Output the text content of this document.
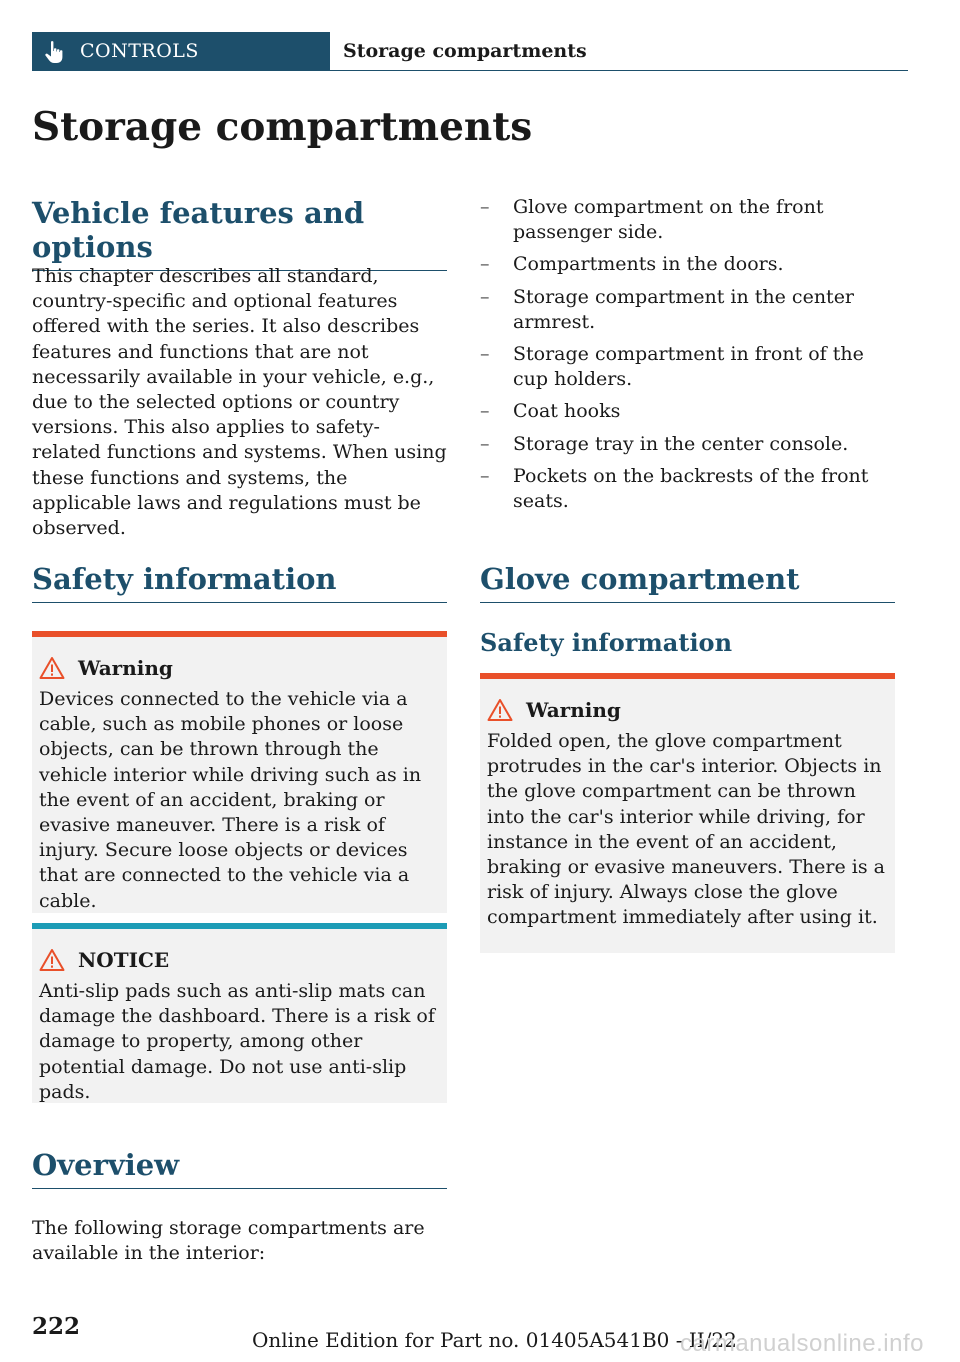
CONTROLS	Storage compartments
Storage compartments
Vehicle features and options

This chapter describes all standard, country-specific and optional features offered with the series. It also describes features and functions that are not necessarily available in your vehicle, e.g., due to the selected options or country versions. This also applies to safety-related functions and systems. When using these functions and systems, the applicable laws and regulations must be observed.

Safety information
Warning

Devices connected to the vehicle via a cable, such as mobile phones or loose objects, can be thrown through the vehicle interior while driving such as in the event of an accident, braking or evasive maneuver. There is a risk of injury. Secure loose objects or devices that are connected to the vehicle via a cable.

NOTICE

Anti-slip pads such as anti-slip mats can damage the dashboard. There is a risk of damage to property, among other potential damage. Do not use anti-slip pads.

Overview

The following storage compartments are available in the interior:

– Glove compartment on the front passenger side.
– Compartments in the doors.
– Storage compartment in the center armrest.
– Storage compartment in front of the cup holders.
– Coat hooks
– Storage tray in the center console.
– Pockets on the backrests of the front seats.
Glove compartment
Safety information
Warning

Folded open, the glove compartment protrudes in the car's interior. Objects in the glove compartment can be thrown into the car's interior while driving, for instance in the event of an accident, braking or evasive maneuvers. There is a risk of injury. Always close the glove compartment immediately after using it.

222	Online Edition for Part no. 01405A541B0 - II/22
carmanualsonline.info
